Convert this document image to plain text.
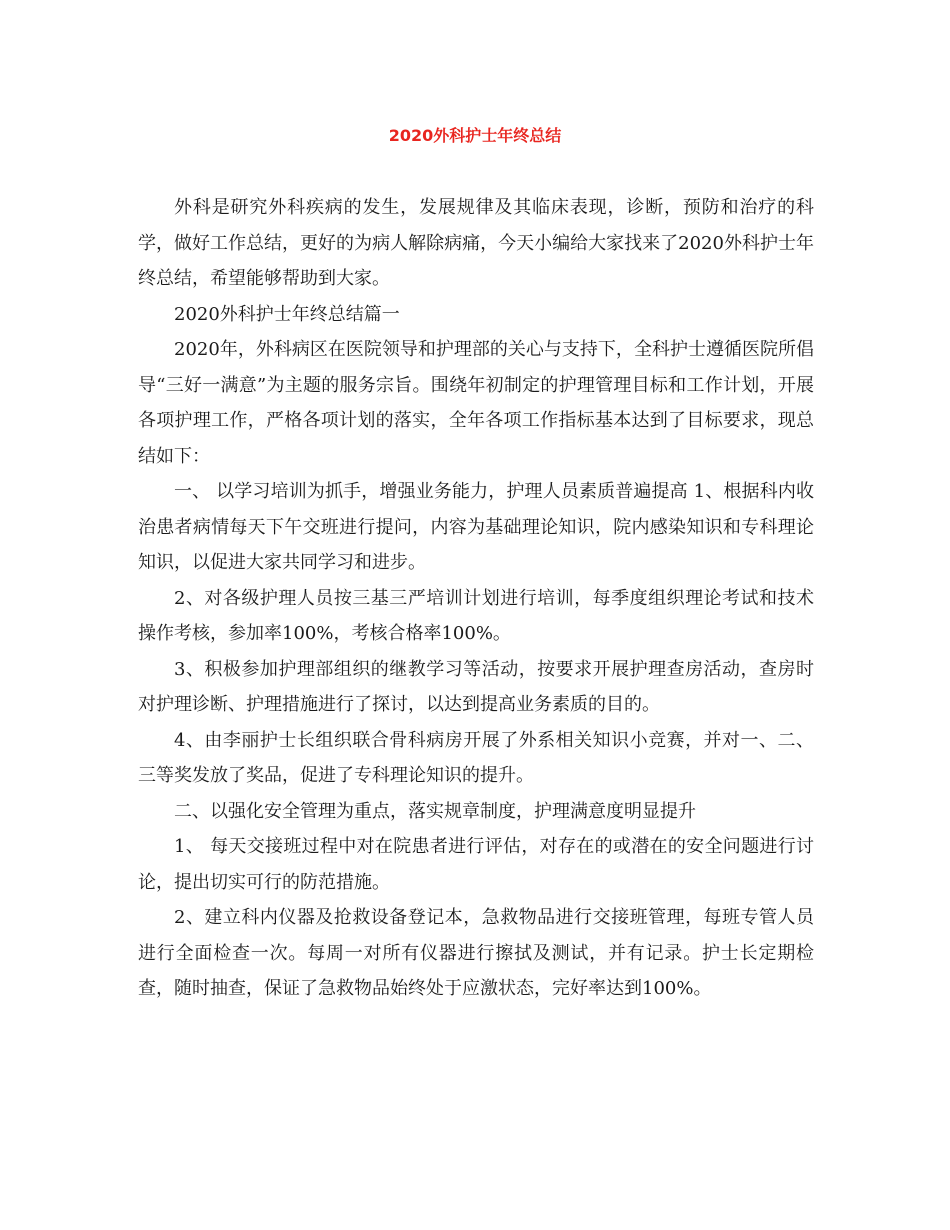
2020外科护士年终总结

外科是研究外科疾病的发生，发展规律及其临床表现，诊断，预防和治疗的科学，做好工作总结，更好的为病人解除病痛，今天小编给大家找来了2020外科护士年终总结，希望能够帮助到大家。

2020外科护士年终总结篇一

2020年，外科病区在医院领导和护理部的关心与支持下，全科护士遵循医院所倡导“三好一满意”为主题的服务宗旨。围绕年初制定的护理管理目标和工作计划，开展各项护理工作，严格各项计划的落实，全年各项工作指标基本达到了目标要求，现总结如下：

一、 以学习培训为抓手，增强业务能力，护理人员素质普遍提高 1、根据科内收治患者病情每天下午交班进行提问，内容为基础理论知识，院内感染知识和专科理论知识，以促进大家共同学习和进步。

2、对各级护理人员按三基三严培训计划进行培训，每季度组织理论考试和技术操作考核，参加率100%，考核合格率100%。

3、积极参加护理部组织的继教学习等活动，按要求开展护理查房活动，查房时对护理诊断、护理措施进行了探讨，以达到提高业务素质的目的。

4、由李丽护士长组织联合骨科病房开展了外系相关知识小竞赛，并对一、二、三等奖发放了奖品，促进了专科理论知识的提升。

二、以强化安全管理为重点，落实规章制度，护理满意度明显提升

1、 每天交接班过程中对在院患者进行评估，对存在的或潜在的安全问题进行讨论，提出切实可行的防范措施。

2、建立科内仪器及抢救设备登记本，急救物品进行交接班管理，每班专管人员进行全面检查一次。每周一对所有仪器进行擦拭及测试，并有记录。护士长定期检查，随时抽查，保证了急救物品始终处于应激状态，完好率达到100%。
